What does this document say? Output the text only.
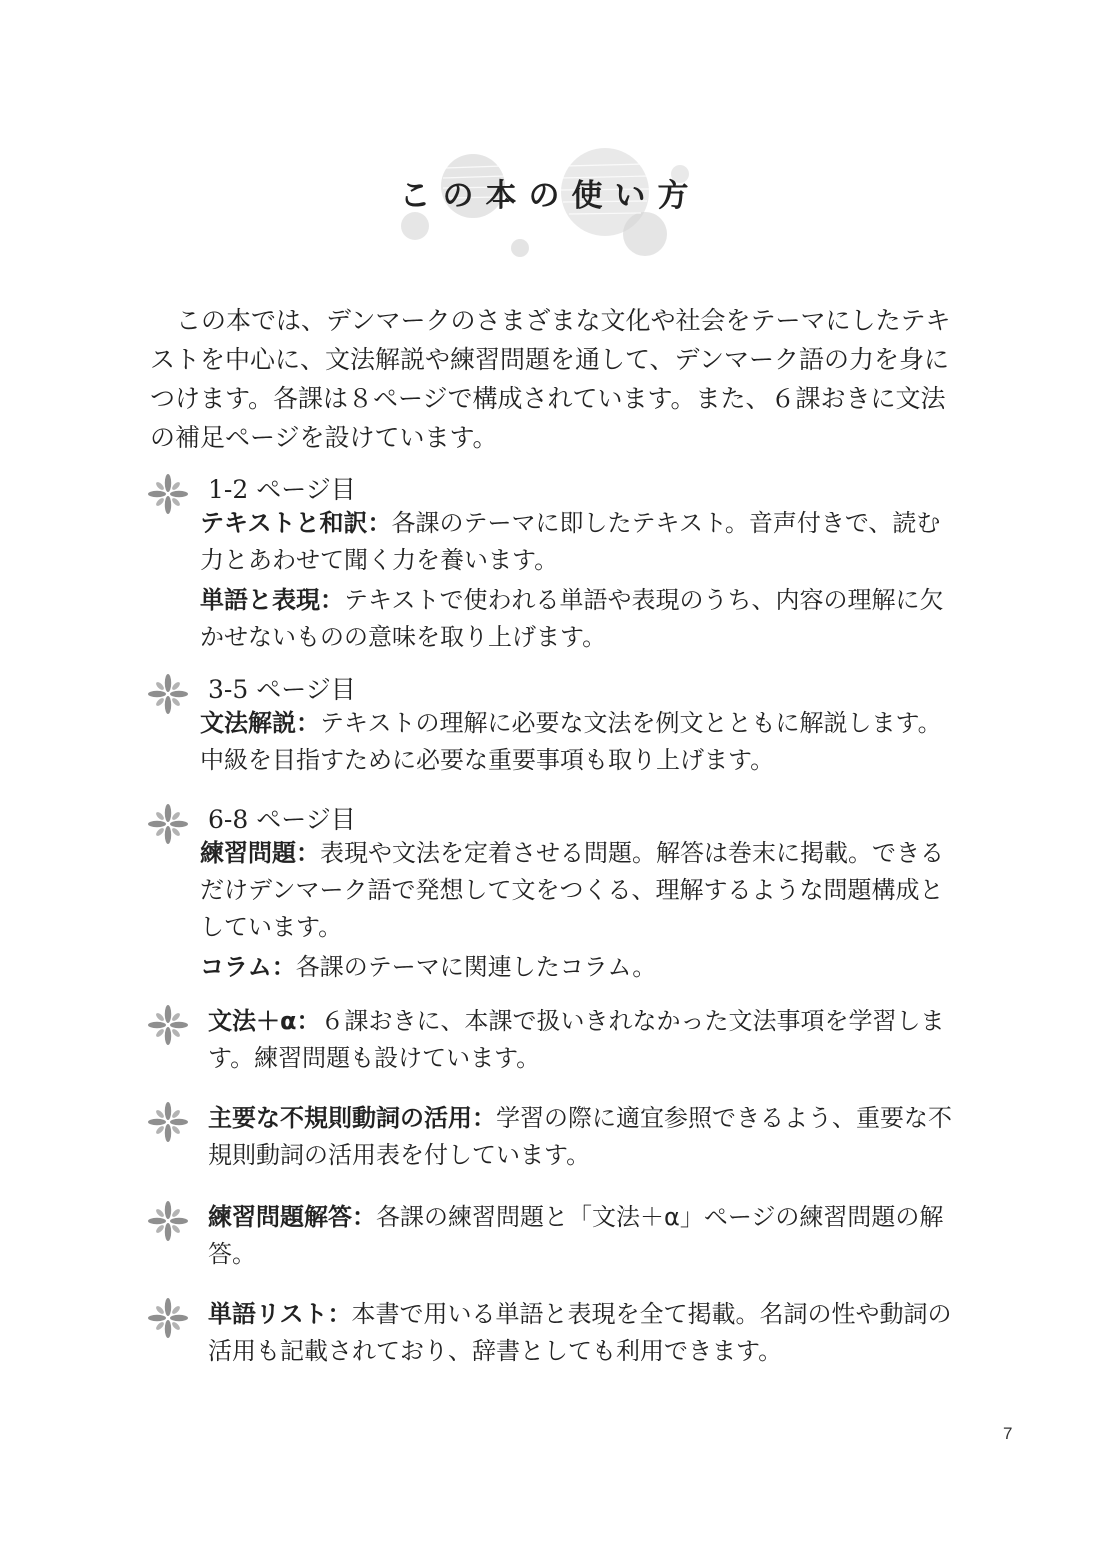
この本の使い方

この本では、デンマークのさまざまな文化や社会をテーマにしたテキストを中心に、文法解説や練習問題を通して、デンマーク語の力を身につけます。各課は８ページで構成されています。また、６課おきに文法の補足ページを設けています。

1-2 ページ目

テキストと和訳：各課のテーマに即したテキスト。音声付きで、読む力とあわせて聞く力を養います。

単語と表現：テキストで使われる単語や表現のうち、内容の理解に欠かせないものの意味を取り上げます。

3-5 ページ目

文法解説：テキストの理解に必要な文法を例文とともに解説します。中級を目指すために必要な重要事項も取り上げます。

6-8 ページ目

練習問題：表現や文法を定着させる問題。解答は巻末に掲載。できるだけデンマーク語で発想して文をつくる、理解するような問題構成としています。

コラム：各課のテーマに関連したコラム。

文法＋α：６課おきに、本課で扱いきれなかった文法事項を学習します。練習問題も設けています。
主要な不規則動詞の活用：学習の際に適宜参照できるよう、重要な不規則動詞の活用表を付しています。
練習問題解答：各課の練習問題と「文法＋α」ページの練習問題の解答。
単語リスト：本書で用いる単語と表現を全て掲載。名詞の性や動詞の活用も記載されており、辞書としても利用できます。
7
